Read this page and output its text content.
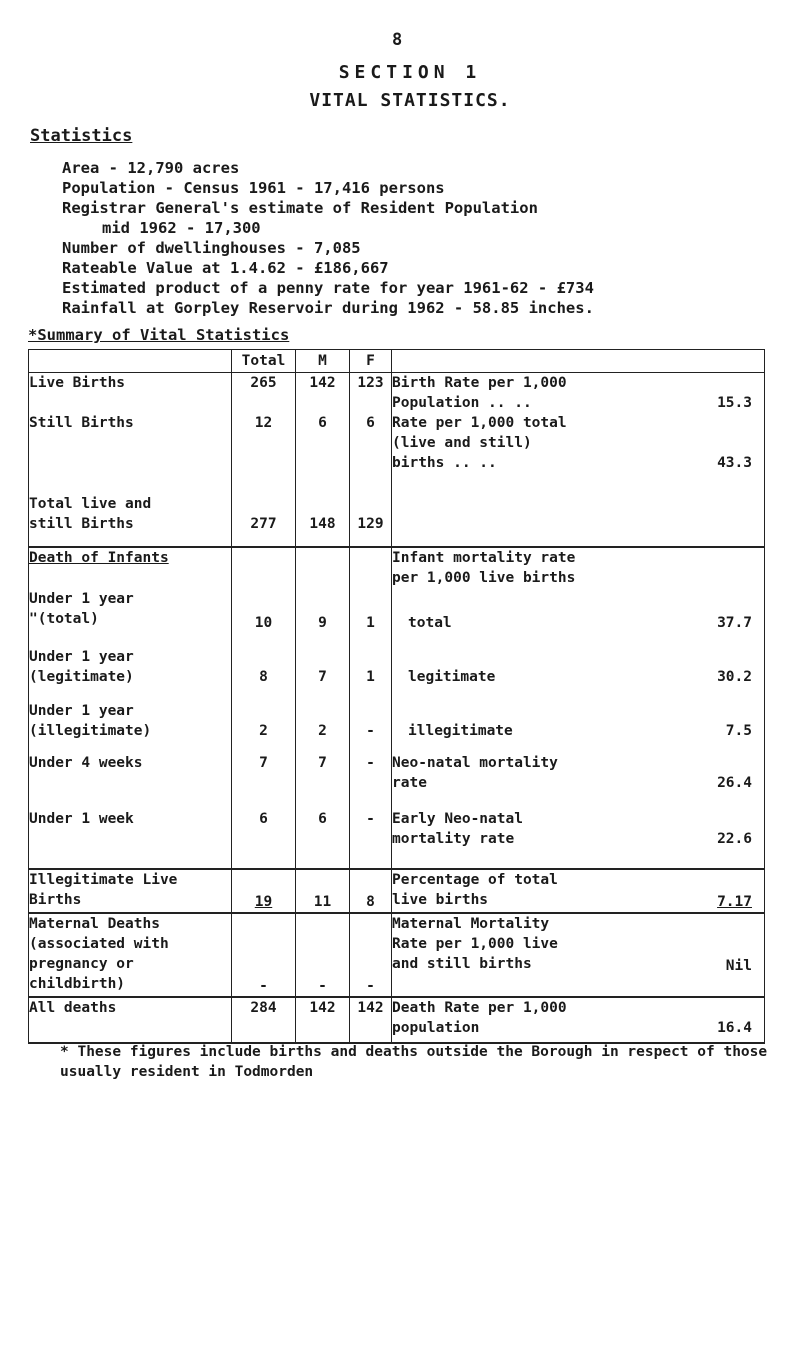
8
SECTION 1
VITAL STATISTICS.
Statistics
Area - 12,790 acres
Population - Census 1961 - 17,416 persons
Registrar General's estimate of Resident Population
mid 1962 - 17,300
Number of dwellinghouses - 7,085
Rateable Value at 1.4.62 - £186,667
Estimated product of a penny rate for year 1961-62 - £734
Rainfall at Gorpley Reservoir during 1962 - 58.85 inches.
*Summary of Vital Statistics
	Total	M	F	
Live Births	265	142	123	Birth Rate per 1,000
Population .. .. 15.3

Still Births	12	6	6	Rate per 1,000 total
(live and still)
births .. .. 43.3

Total live and
still Births	277	148	129	
Death of Infants				Infant mortality rate
per 1,000 live births

Under 1 year
"(total)	10	9	1	total 37.7

Under 1 year
(legitimate)	8	7	1	legitimate 30.2

Under 1 year
(illegitimate)	2	2	-	illegitimate 7.5

Under 4 weeks	7	7	-	Neo-natal mortality
rate 26.4

Under 1 week	6	6	-	Early Neo-natal
mortality rate 22.6

Illegitimate Live
Births	19	11	8	Percentage of total
live births 7.17

Maternal Deaths
(associated with
pregnancy or
childbirth)	-	-	-	Maternal Mortality
Rate per 1,000 live
and still births Nil

All deaths	284	142	142	Death Rate per 1,000
population 16.4
* These figures include births and deaths outside the Borough in respect of those usually resident in Todmorden
